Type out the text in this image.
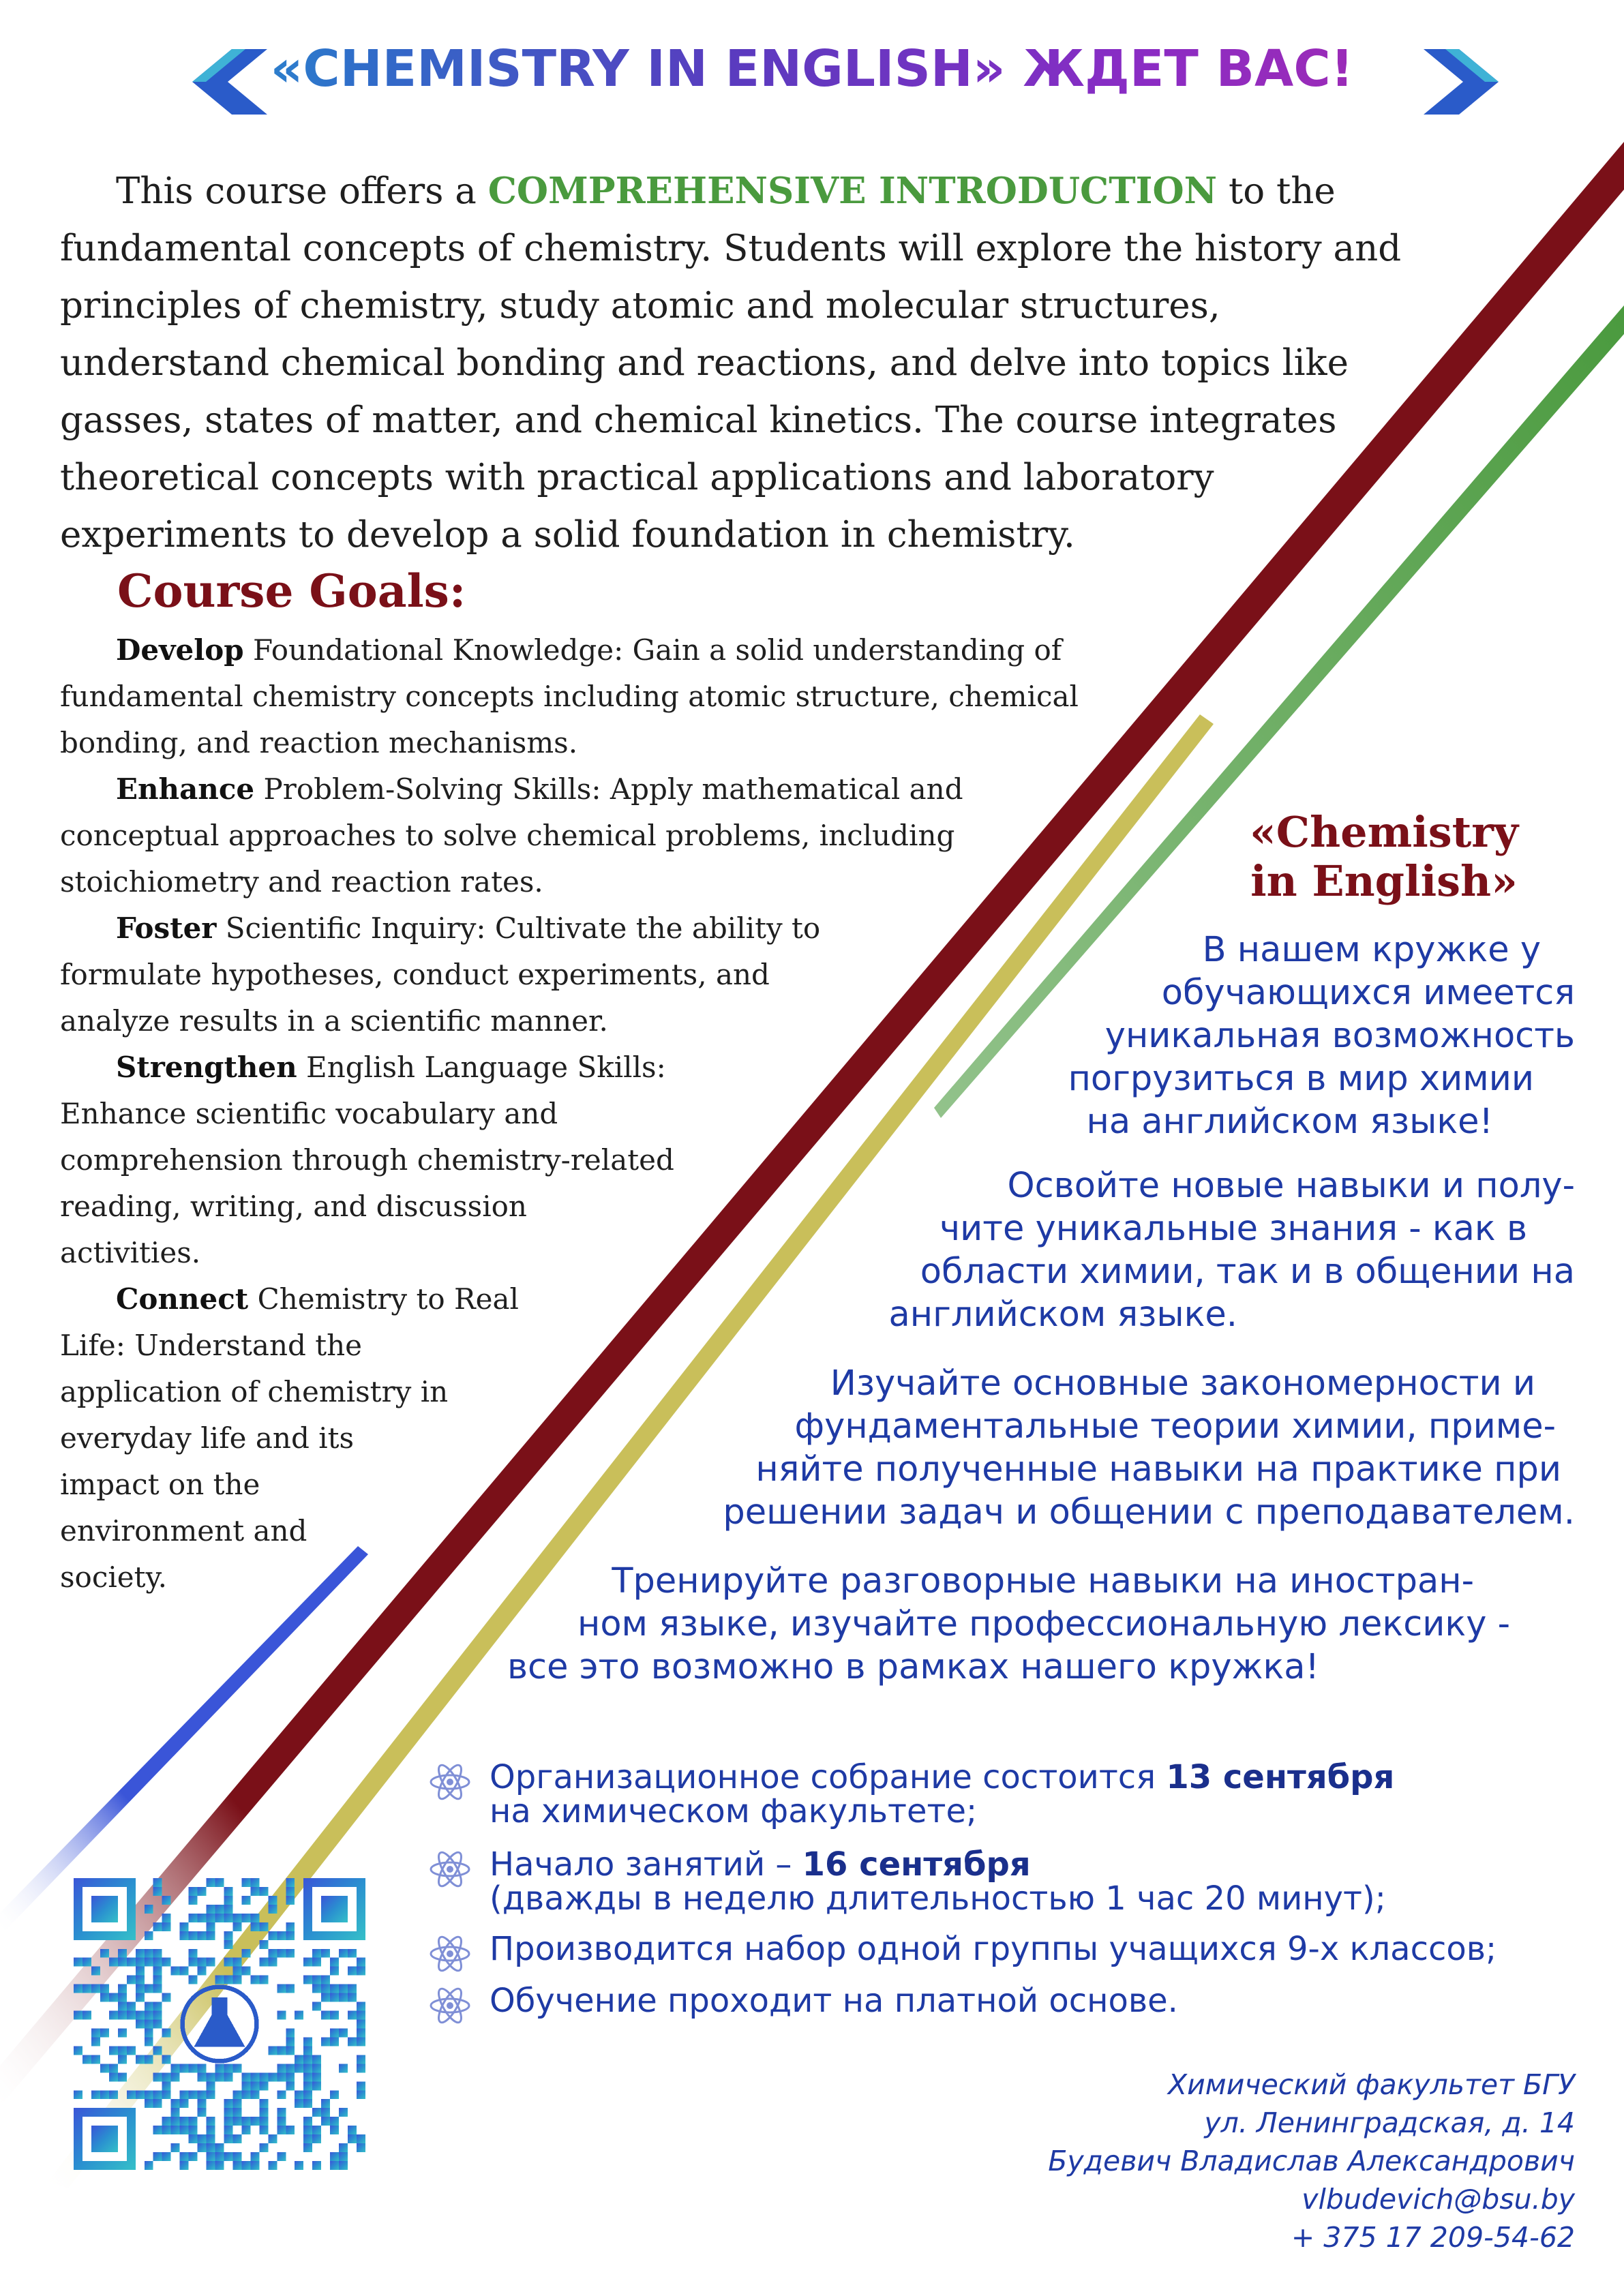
«CHEMISTRY IN ENGLISH» ЖДЕТ ВАС!

This course offers a COMPREHENSIVE INTRODUCTION to the fundamental concepts of chemistry. Students will explore the history and principles of chemistry, study atomic and molecular structures, understand chemical bonding and reactions, and delve into topics like gasses, states of matter, and chemical kinetics. The course integrates theoretical concepts with practical applications and laboratory experiments to develop a solid foundation in chemistry.

Course Goals:
Develop Foundational Knowledge: Gain a solid understanding of
fundamental chemistry concepts including atomic structure, chemical
bonding, and reaction mechanisms.
Enhance Problem-Solving Skills: Apply mathematical and
conceptual approaches to solve chemical problems, including
stoichiometry and reaction rates.
Foster Scientific Inquiry: Cultivate the ability to
formulate hypotheses, conduct experiments, and
analyze results in a scientific manner.
Strengthen English Language Skills:
Enhance scientific vocabulary and
comprehension through chemistry-related
reading, writing, and discussion
activities.
Connect Chemistry to Real
Life: Understand the
application of chemistry in
everyday life and its
impact on the
environment and
society.
«Chemistry
in English»
В нашем кружке у
обучающихся имеется
уникальная возможность
погрузиться в мир химии
на английском языке!
Освойте новые навыки и полу-
чите уникальные знания - как в
области химии, так и в общении на
английском языке.
Изучайте основные закономерности и
фундаментальные теории химии, приме-
няйте полученные навыки на практике при
решении задач и общении с преподавателем.
Тренируйте разговорные навыки на иностран-
ном языке, изучайте профессиональную лексику -
все это возможно в рамках нашего кружка!
Организационное собрание состоится 13 сентября
на химическом факультете;
Начало занятий – 16 сентября
(дважды в неделю длительностью 1 час 20 минут);
Производится набор одной группы учащихся 9-х классов;
Обучение проходит на платной основе.
Химический факультет БГУ
ул. Ленинградская, д. 14
Будевич Владислав Александрович
vlbudevich@bsu.by
+ 375 17 209-54-62
